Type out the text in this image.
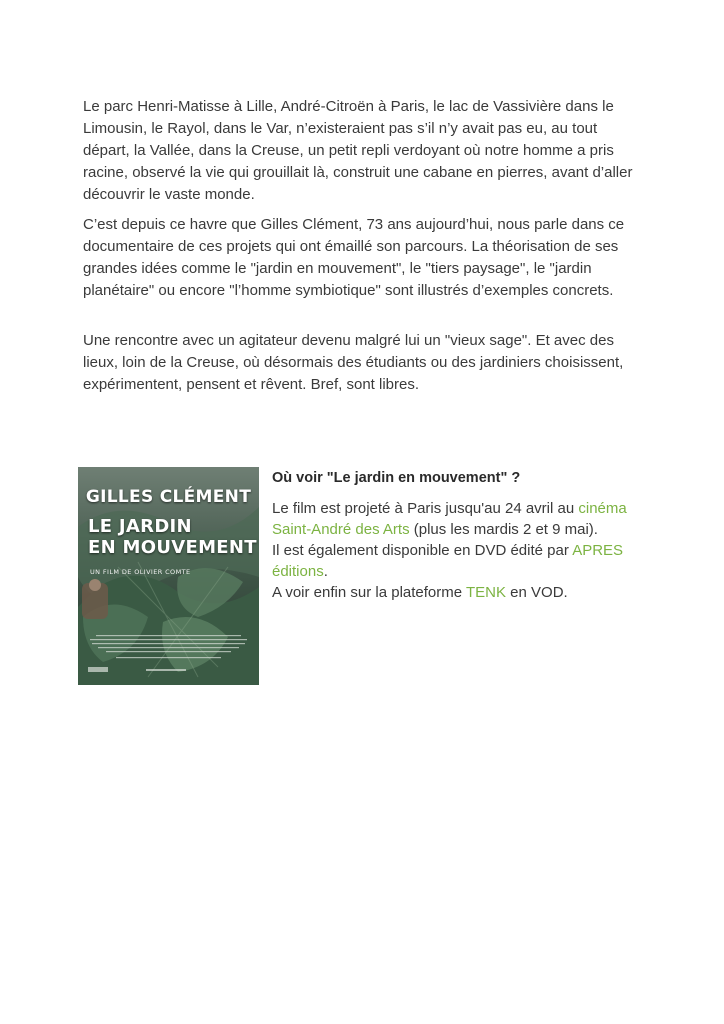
Le parc Henri-Matisse à Lille, André-Citroën à Paris, le lac de Vassivière dans le Limousin, le Rayol, dans le Var, n’existeraient pas s’il n’y avait pas eu, au tout départ, la Vallée, dans la Creuse, un petit repli verdoyant où notre homme a pris racine, observé la vie qui grouillait là, construit une cabane en pierres, avant d’aller découvrir le vaste monde.

C’est depuis ce havre que Gilles Clément, 73 ans aujourd’hui, nous parle dans ce documentaire de ces projets qui ont émaillé son parcours. La théorisation de ses grandes idées comme le "jardin en mouvement", le "tiers paysage", le "jardin planétaire" ou encore "l’homme symbiotique" sont illustrés d’exemples concrets.

Une rencontre avec un agitateur devenu malgré lui un "vieux sage". Et avec des lieux, loin de la Creuse, où désormais des étudiants ou des jardiniers choisissent, expérimentent, pensent et rêvent. Bref, sont libres.

GILLES CLÉMENT
LE JARDIN
EN MOUVEMENT
UN FILM DE OLIVIER COMTE
Où voir "Le jardin en mouvement" ?

Le film est projeté à Paris jusqu'au 24 avril au cinéma Saint-André des Arts (plus les mardis 2 et 9 mai).

Il est également disponible en DVD édité par APRES éditions.

A voir enfin sur la plateforme TENK en VOD.
